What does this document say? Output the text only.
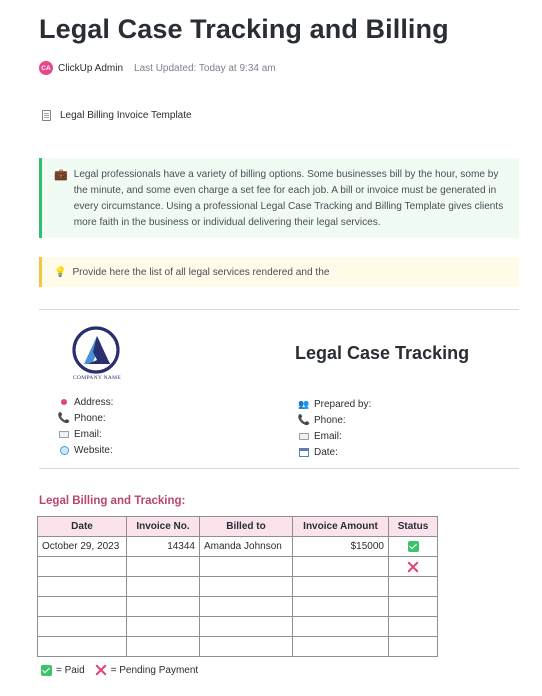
Legal Case Tracking and Billing
CA ClickUp Admin Last Updated: Today at 9:34 am
Legal Billing Invoice Template
💼 Legal professionals have a variety of billing options. Some businesses bill by the hour, some by the minute, and some even charge a set fee for each job. A bill or invoice must be generated in every circumstance. Using a professional Legal Case Tracking and Billing Template gives clients more faith in the business or individual delivering their legal services.
💡 Provide here the list of all legal services rendered and the
COMPANY NAME
Legal Case Tracking
Address:
📞 Phone:
Email:
Website:
👥 Prepared by:
📞 Phone:
Email:
Date:
Legal Billing and Tracking:
Date	Invoice No.	Billed to	Invoice Amount	Status
October 29, 2023	14344	Amanda Johnson	$15000	

= Paid	= Pending Payment
